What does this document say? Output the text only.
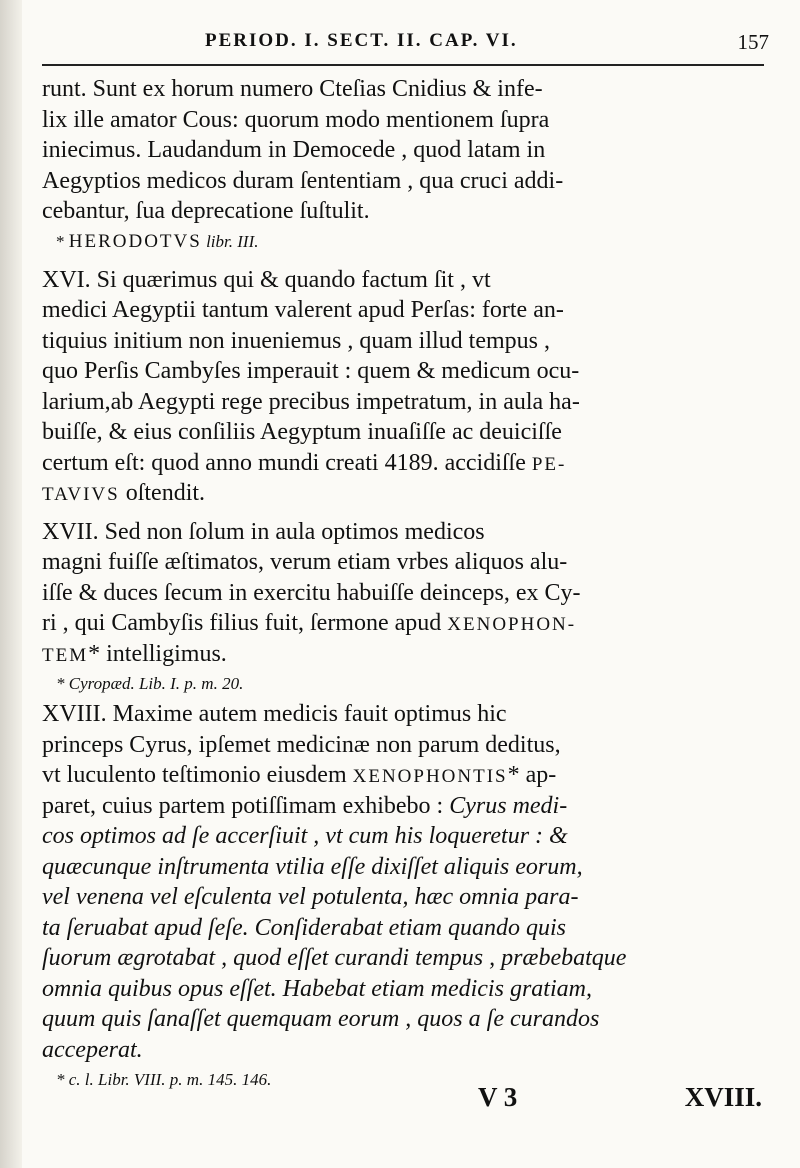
PERIOD. I. SECT. II. CAP. VI.	157
runt. Sunt ex horum numero Cteſias Cnidius & infe-
lix ille amator Cous: quorum modo mentionem ſupra
iniecimus. Laudandum in Democede , quod latam in
Aegyptios medicos duram ſententiam , qua cruci addi-
cebantur, ſua deprecatione ſuſtulit.
* HERODOTVS libr. III.
XVI. Si quærimus qui & quando factum ſit , vt
medici Aegyptii tantum valerent apud Perſas: forte an-
tiquius initium non inueniemus , quam illud tempus ,
quo Perſis Cambyſes imperauit : quem & medicum ocu-
larium,ab Aegypti rege precibus impetratum, in aula ha-
buiſſe, & eius conſiliis Aegyptum inuaſiſſe ac deuiciſſe
certum eſt: quod anno mundi creati 4189. accidiſſe PE-
TAVIVS oſtendit.
XVII. Sed non ſolum in aula optimos medicos
magni fuiſſe æſtimatos, verum etiam vrbes aliquos alu-
iſſe & duces ſecum in exercitu habuiſſe deinceps, ex Cy-
ri , qui Cambyſis filius fuit, ſermone apud XENOPHON-
TEM* intelligimus.
* Cyropæd. Lib. I. p. m. 20.
XVIII. Maxime autem medicis fauit optimus hic
princeps Cyrus, ipſemet medicinæ non parum deditus,
vt luculento teſtimonio eiusdem XENOPHONTIS* ap-
paret, cuius partem potiſſimam exhibebo : Cyrus medi-
cos optimos ad ſe accerſiuit , vt cum his loqueretur : &
quæcunque inſtrumenta vtilia eſſe dixiſſet aliquis eorum,
vel venena vel eſculenta vel potulenta, hæc omnia para-
ta ſeruabat apud ſeſe. Conſiderabat etiam quando quis
ſuorum ægrotabat , quod eſſet curandi tempus , præbebatque
omnia quibus opus eſſet. Habebat etiam medicis gratiam,
quum quis ſanaſſet quemquam eorum , quos a ſe curandos
acceperat.
* c. l. Libr. VIII. p. m. 145. 146.
V 3	XVIII.
